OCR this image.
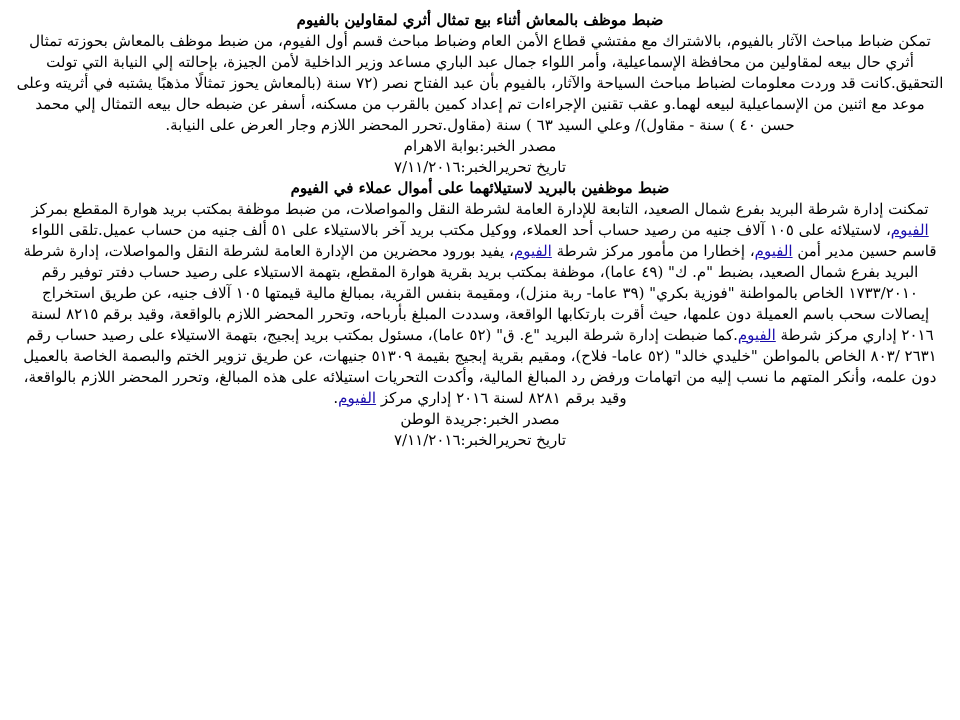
ضبط موظف بالمعاش أثناء بيع تمثال أثري لمقاولين بالفيوم

تمكن ضباط مباحث الآثار بالفيوم، بالاشتراك مع مفتشي قطاع الأمن العام وضباط مباحث قسم أول الفيوم، من ضبط موظف بالمعاش بحوزته تمثال أثري حال بيعه لمقاولين من محافظة الإسماعيلية، وأمر اللواء جمال عبد الباري مساعد وزير الداخلية لأمن الجيزة، بإحالته إلي النيابة التي تولت التحقيق.كانت قد وردت معلومات لضباط مباحث السياحة والآثار، بالفيوم بأن عبد الفتاح نصر (٧٢ سنة (بالمعاش يحوز تمثالًا مذهبًا يشتبه في أثريته وعلى موعد مع اثنين من الإسماعيلية لبيعه لهما.و عقب تقنين الإجراءات تم إعداد كمين بالقرب من مسكنه، أسفر عن ضبطه حال بيعه التمثال إلي محمد حسن ٤٠ ) سنة - مقاول)/ وعلي السيد ٦٣ ) سنة (مقاول.تحرر المحضر اللازم وجار العرض على النيابة.

مصدر الخبر:بوابة الاهرام

تاريخ تحريرالخبر:٧/١١/٢٠١٦

ضبط موظفين بالبريد لاستيلائهما على أموال عملاء في الفيوم

تمكنت إدارة شرطة البريد بفرع شمال الصعيد، التابعة للإدارة العامة لشرطة النقل والمواصلات، من ضبط موظفة بمكتب بريد هوارة المقطع بمركز الفيوم، لاستيلائه على ١٠٥ آلاف جنيه من رصيد حساب أحد العملاء، ووكيل مكتب بريد آخر بالاستيلاء على ٥١ ألف جنيه من حساب عميل.تلقى اللواء قاسم حسين مدير أمن الفيوم، إخطارا من مأمور مركز شرطة الفيوم، يفيد بورود محضرين من الإدارة العامة لشرطة النقل والمواصلات، إدارة شرطة البريد بفرع شمال الصعيد، بضبط "م. ك" (٤٩ عاما)، موظفة بمكتب بريد بقرية هوارة المقطع، بتهمة الاستيلاء على رصيد حساب دفتر توفير رقم ١٧٣٣/٢٠١٠ الخاص بالمواطنة "فوزية بكري" (٣٩ عاما- ربة منزل)، ومقيمة بنفس القرية، بمبالغ مالية قيمتها ١٠٥ آلاف جنيه، عن طريق استخراج إيصالات سحب باسم العميلة دون علمها، حيث أقرت بارتكابها الواقعة، وسددت المبلغ بأرباحه، وتحرر المحضر اللازم بالواقعة، وقيد برقم ٨٢١٥ لسنة ٢٠١٦ إداري مركز شرطة الفيوم.كما ضبطت إدارة شرطة البريد "ع. ق" (٥٢ عاما)، مسئول بمكتب بريد إبجيج، بتهمة الاستيلاء على رصيد حساب رقم ٢٦٣١ /٨٠٣ الخاص بالمواطن "خليدي خالد" (٥٢ عاما- فلاح)، ومقيم بقرية إبجيج بقيمة ٥١٣٠٩ جنيهات، عن طريق تزوير الختم والبصمة الخاصة بالعميل دون علمه، وأنكر المتهم ما نسب إليه من اتهامات ورفض رد المبالغ المالية، وأكدت التحريات استيلائه على هذه المبالغ، وتحرر المحضر اللازم بالواقعة، وقيد برقم ٨٢٨١ لسنة ٢٠١٦ إداري مركز الفيوم.

مصدر الخبر:جريدة الوطن

تاريخ تحريرالخبر:٧/١١/٢٠١٦
